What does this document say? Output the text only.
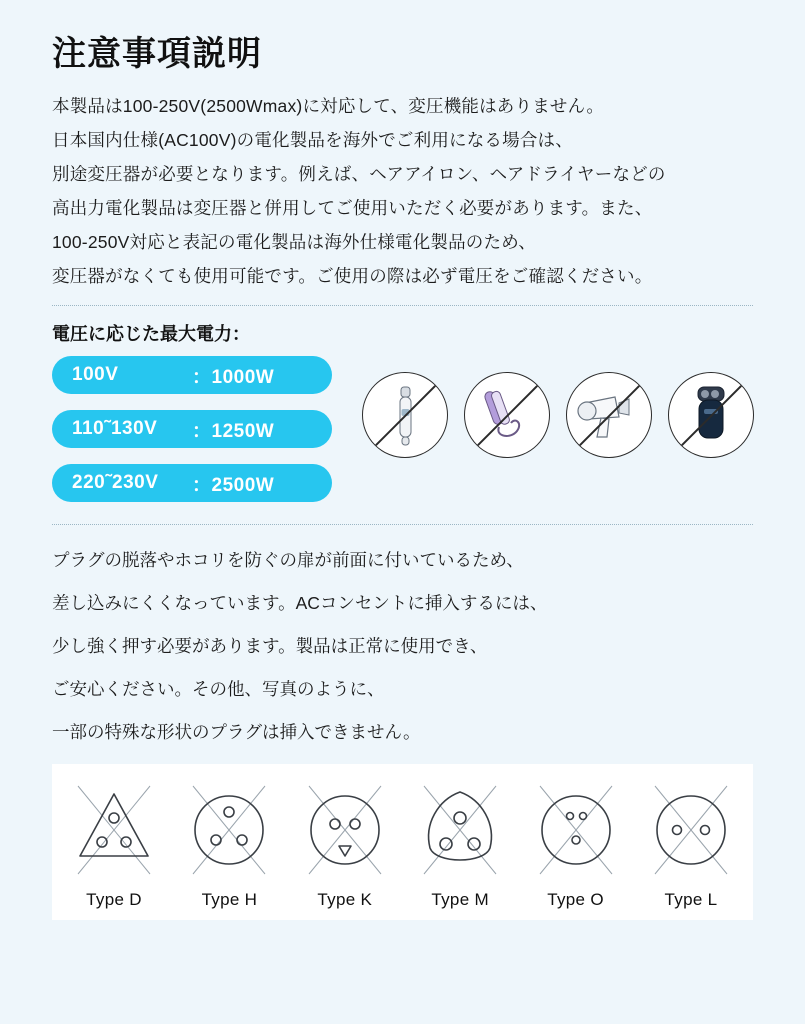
注意事項説明
本製品は100-250V(2500Wmax)に対応して、変圧機能はありません。
日本国内仕様(AC100V)の電化製品を海外でご利用になる場合は、
別途変圧器が必要となります。例えば、ヘアアイロン、ヘアドライヤーなどの
高出力電化製品は変圧器と併用してご使用いただく必要があります。また、
100-250V対応と表記の電化製品は海外仕様電化製品のため、
変圧器がなくても使用可能です。ご使用の際は必ず電圧をご確認ください。
電圧に応じた最大電力：
100V	：1000W
110˜130V	：1250W
220˜230V	：2500W
プラグの脱落やホコリを防ぐの扉が前面に付いているため、
差し込みにくくなっています。ACコンセントに挿入するには、
少し強く押す必要があります。製品は正常に使用でき、
ご安心ください。その他、写真のように、
一部の特殊な形状のプラグは挿入できません。
Type D	Type H	Type K	Type M	Type O	Type L
